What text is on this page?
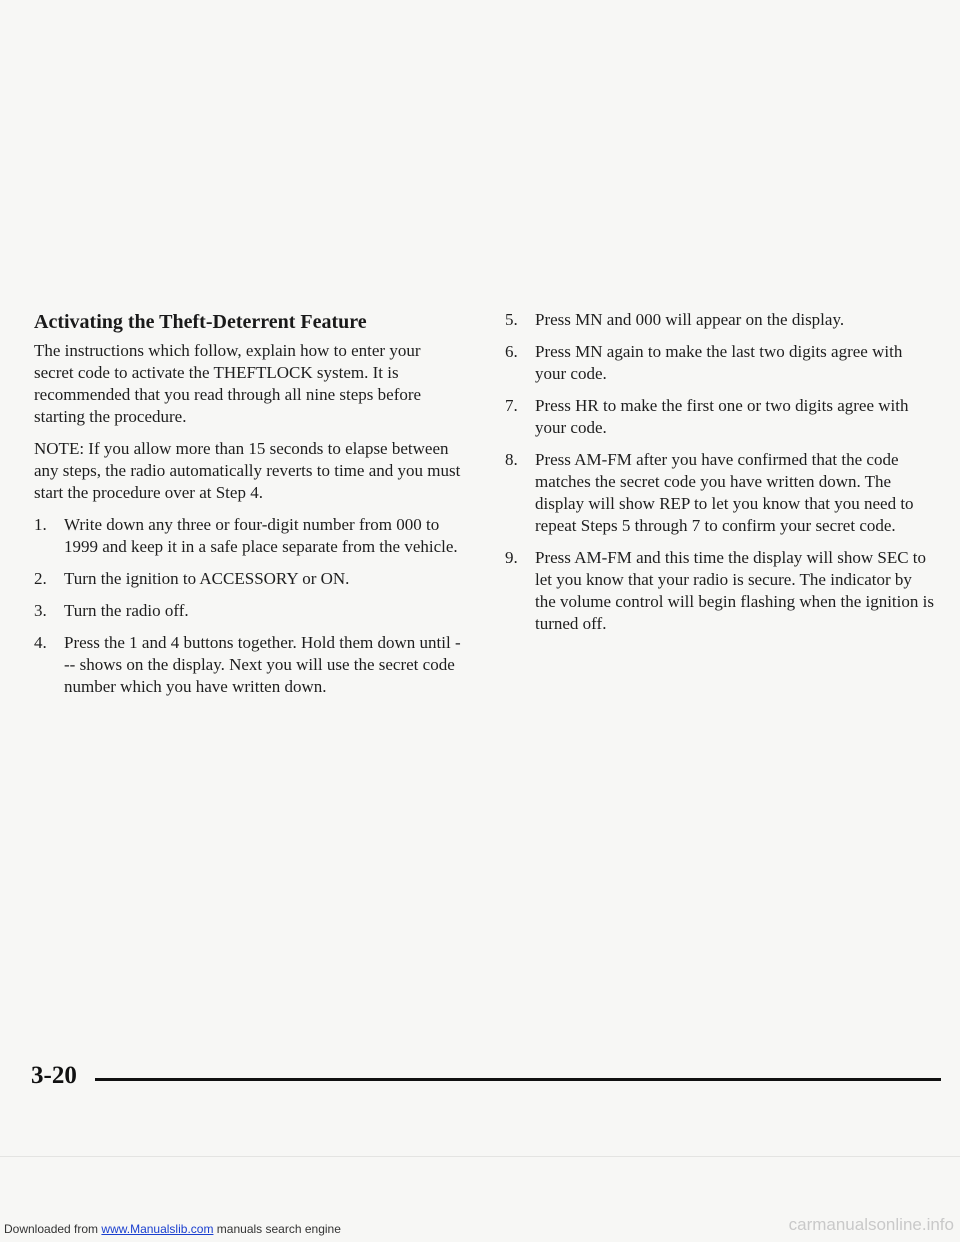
Activating the Theft-Deterrent Feature

The instructions which follow, explain how to enter your secret code to activate the THEFTLOCK system. It is recommended that you read through all nine steps before starting the procedure.

NOTE: If you allow more than 15 seconds to elapse between any steps, the radio automatically reverts to time and you must start the procedure over at Step 4.

1. Write down any three or four-digit number from 000 to 1999 and keep it in a safe place separate from the vehicle.
2. Turn the ignition to ACCESSORY or ON.
3. Turn the radio off.
4. Press the 1 and 4 buttons together. Hold them down until --- shows on the display. Next you will use the secret code number which you have written down.
5. Press MN and 000 will appear on the display.
6. Press MN again to make the last two digits agree with your code.
7. Press HR to make the first one or two digits agree with your code.
8. Press AM-FM after you have confirmed that the code matches the secret code you have written down. The display will show REP to let you know that you need to repeat Steps 5 through 7 to confirm your secret code.
9. Press AM-FM and this time the display will show SEC to let you know that your radio is secure. The indicator by the volume control will begin flashing when the ignition is turned off.
3-20
Downloaded from www.Manualslib.com manuals search engine	carmanualsonline.info
